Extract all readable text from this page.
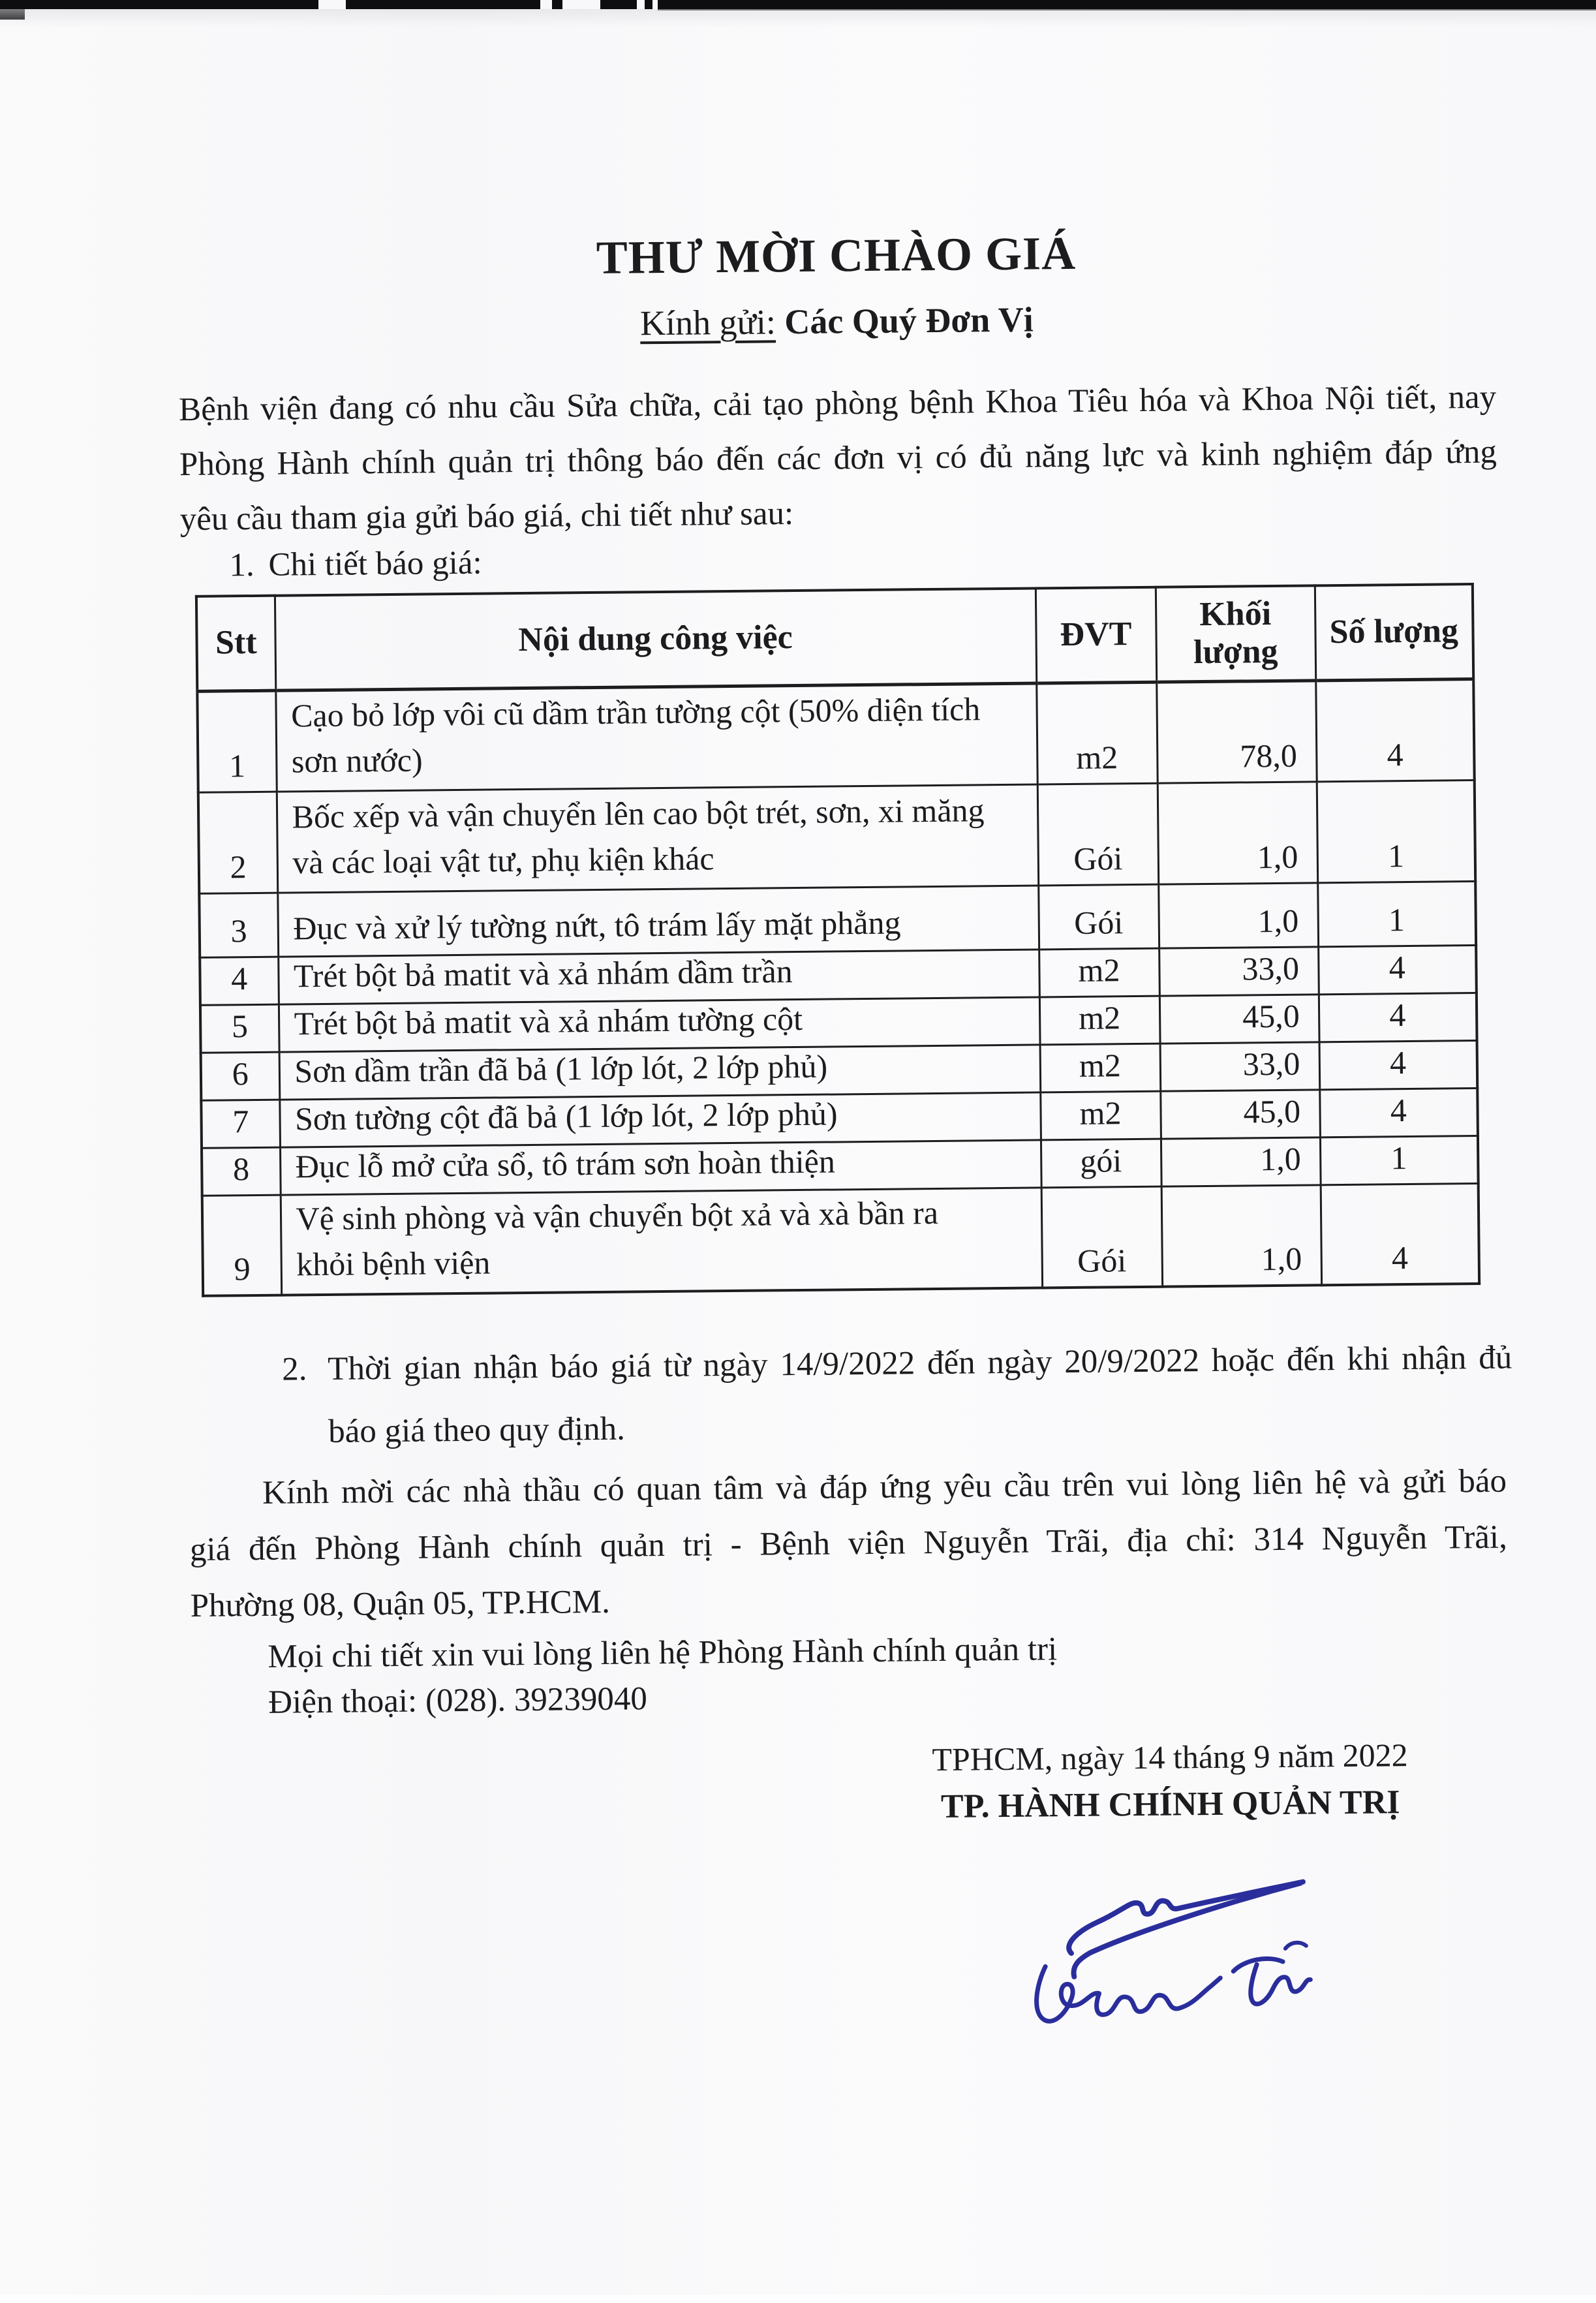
THƯ MỜI CHÀO GIÁ
Kính gửi: Các Quý Đơn Vị
Bệnh viện đang có nhu cầu Sửa chữa, cải tạo phòng bệnh Khoa Tiêu hóa và Khoa Nội tiết, nay
Phòng Hành chính quản trị thông báo đến các đơn vị có đủ năng lực và kinh nghiệm đáp ứng
yêu cầu tham gia gửi báo giá, chi tiết như sau:
1. Chi tiết báo giá:
Stt	Nội dung công việc	ĐVT	Khối lượng	Số lượng
1	Cạo bỏ lớp vôi cũ dầm trần tường cột (50% diện tích
sơn nước)	m2	78,0	4
2	Bốc xếp và vận chuyển lên cao bột trét, sơn, xi măng
và các loại vật tư, phụ kiện khác	Gói	1,0	1
3	Đục và xử lý tường nứt, tô trám lấy mặt phẳng	Gói	1,0	1
4	Trét bột bả matit và xả nhám dầm trần	m2	33,0	4
5	Trét bột bả matit và xả nhám tường cột	m2	45,0	4
6	Sơn dầm trần đã bả (1 lớp lót, 2 lớp phủ)	m2	33,0	4
7	Sơn tường cột đã bả (1 lớp lót, 2 lớp phủ)	m2	45,0	4
8	Đục lỗ mở cửa sổ, tô trám sơn hoàn thiện	gói	1,0	1
9	Vệ sinh phòng và vận chuyển bột xả và xà bần ra
khỏi bệnh viện	Gói	1,0	4
2. Thời gian nhận báo giá từ ngày 14/9/2022 đến ngày 20/9/2022 hoặc đến khi nhận đủ
báo giá theo quy định.
Kính mời các nhà thầu có quan tâm và đáp ứng yêu cầu trên vui lòng liên hệ và gửi báo
giá đến Phòng Hành chính quản trị - Bệnh viện Nguyễn Trãi, địa chỉ: 314 Nguyễn Trãi,
Phường 08, Quận 05, TP.HCM.
Mọi chi tiết xin vui lòng liên hệ Phòng Hành chính quản trị
Điện thoại: (028). 39239040
TPHCM, ngày 14 tháng 9 năm 2022
TP. HÀNH CHÍNH QUẢN TRỊ
